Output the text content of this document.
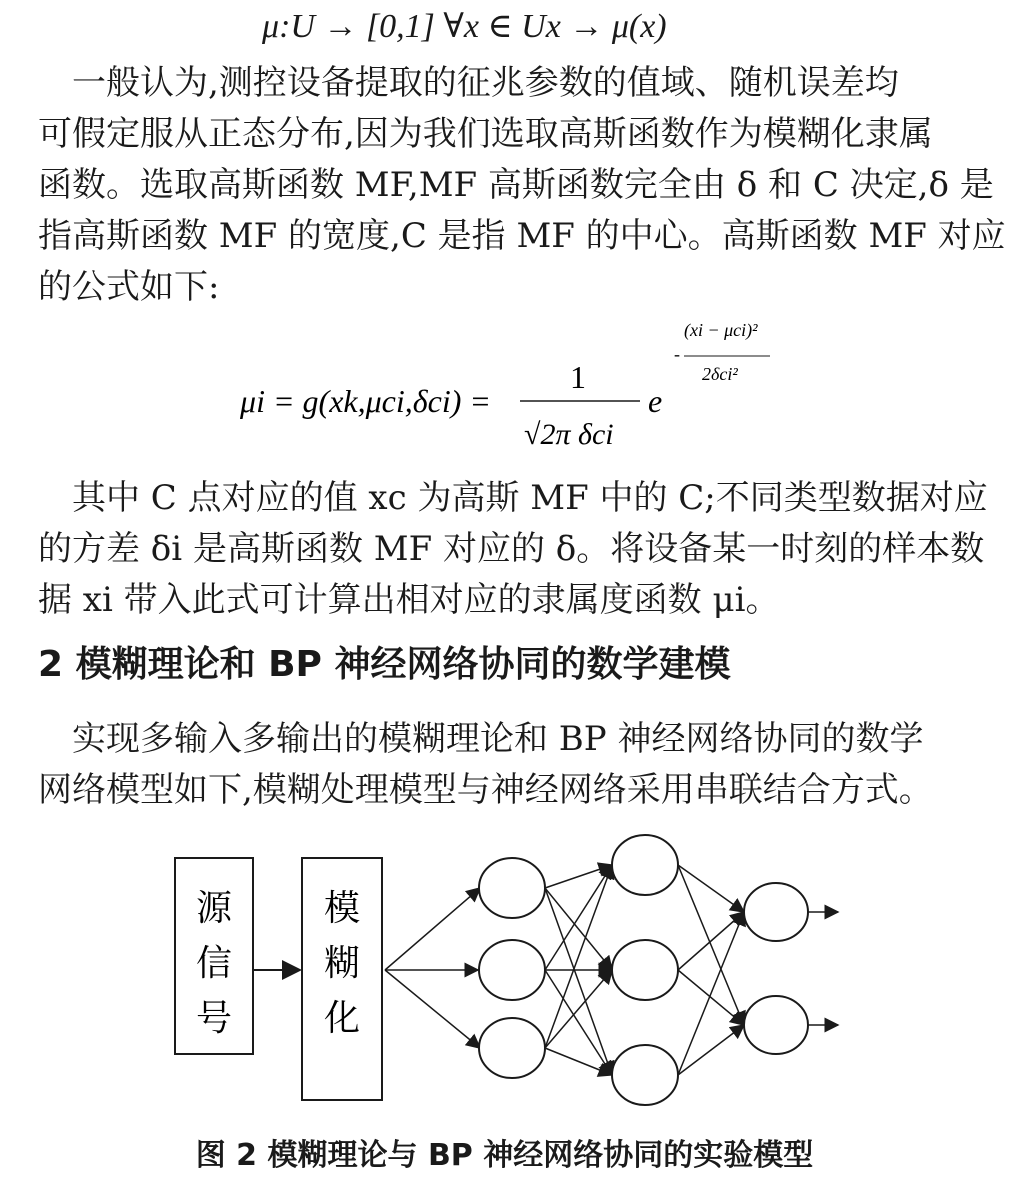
μ:U → [0,1] ∀x ∈ Ux → μ(x)
　一般认为,测控设备提取的征兆参数的值域、随机误差均
可假定服从正态分布,因为我们选取高斯函数作为模糊化隶属
函数。选取高斯函数 MF,MF 高斯函数完全由 δ 和 C 决定,δ 是
指高斯函数 MF 的宽度,C 是指 MF 的中心。高斯函数 MF 对应
的公式如下:
μi = g(xk,μci,δci) =
1
√2π δci
e
-
(xi − μci)²
2δci²
　其中 C 点对应的值 xc 为高斯 MF 中的 C;不同类型数据对应
的方差 δi 是高斯函数 MF 对应的 δ。将设备某一时刻的样本数
据 xi 带入此式可计算出相对应的隶属度函数 μi。
2 模糊理论和 BP 神经网络协同的数学建模
　实现多输入多输出的模糊理论和 BP 神经网络协同的数学
网络模型如下,模糊处理模型与神经网络采用串联结合方式。
源
信
号
模
糊
化
图 2 模糊理论与 BP 神经网络协同的实验模型
